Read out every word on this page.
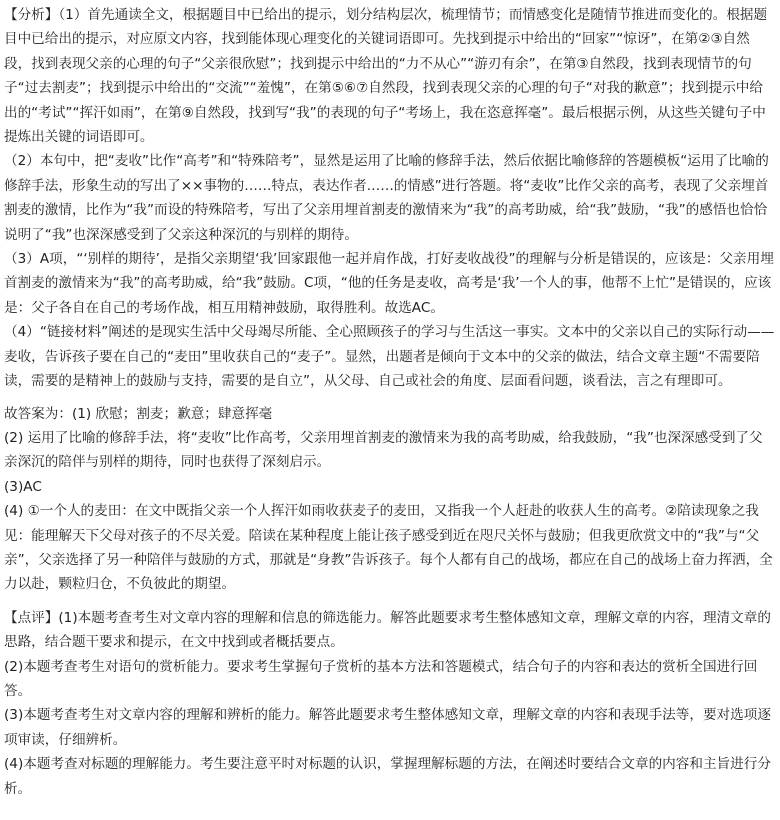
【分析】（1）首先通读全文，根据题目中已给出的提示，划分结构层次，梳理情节；而情感变化是随情节推进而变化的。根据题目中已给出的提示，对应原文内容，找到能体现心理变化的关键词语即可。先找到提示中给出的“回家”“惊讶”，在第②③自然段，找到表现父亲的心理的句子“父亲很欣慰”；找到提示中给出的“力不从心”“游刃有余”，在第③自然段，找到表现情节的句子“过去割麦”；找到提示中给出的“交流”“羞愧”，在第⑤⑥⑦自然段，找到表现父亲的心理的句子“对我的歉意”；找到提示中给出的“考试”“挥汗如雨”，在第⑨自然段，找到写“我”的表现的句子“考场上，我在恣意挥毫”。最后根据示例，从这些关键句子中提炼出关键的词语即可。

（2）本句中，把“麦收”比作“高考”和“特殊陪考”，显然是运用了比喻的修辞手法，然后依据比喻修辞的答题模板“运用了比喻的修辞手法，形象生动的写出了××事物的……特点，表达作者……的情感”进行答题。将“麦收”比作父亲的高考，表现了父亲埋首割麦的激情，比作为“我”而设的特殊陪考，写出了父亲用埋首割麦的激情来为“我”的高考助威，给“我”鼓励，“我”的感悟也恰恰说明了“我”也深深感受到了父亲这种深沉的与别样的期待。

（3）A项，“‘别样的期待’，是指父亲期望‘我’回家跟他一起并肩作战，打好麦收战役”的理解与分析是错误的，应该是：父亲用埋首割麦的激情来为“我”的高考助威，给“我”鼓励。C项，“他的任务是麦收，高考是‘我’一个人的事，他帮不上忙”是错误的，应该是：父子各自在自己的考场作战，相互用精神鼓励，取得胜利。故选AC。

（4）“链接材料”阐述的是现实生活中父母竭尽所能、全心照顾孩子的学习与生活这一事实。文本中的父亲以自己的实际行动——麦收，告诉孩子要在自己的“麦田”里收获自己的“麦子”。显然，出题者是倾向于文本中的父亲的做法，结合文章主题“不需要陪读，需要的是精神上的鼓励与支持，需要的是自立”，从父母、自己或社会的角度、层面看问题，谈看法，言之有理即可。

故答案为：(1) 欣慰；割麦；歉意；肆意挥毫

(2) 运用了比喻的修辞手法，将“麦收”比作高考，父亲用埋首割麦的激情来为我的高考助威，给我鼓励，“我”也深深感受到了父亲深沉的陪伴与别样的期待，同时也获得了深刻启示。

(3)AC

(4) ①一个人的麦田：在文中既指父亲一个人挥汗如雨收获麦子的麦田，又指我一个人赶赴的收获人生的高考。②陪读现象之我见：能理解天下父母对孩子的不尽关爱。陪读在某种程度上能让孩子感受到近在咫尺关怀与鼓励；但我更欣赏文中的“我”与“父亲”，父亲选择了另一种陪伴与鼓励的方式，那就是“身教”告诉孩子。每个人都有自己的战场，都应在自己的战场上奋力挥洒，全力以赴，颗粒归仓，不负彼此的期望。

【点评】(1)本题考查考生对文章内容的理解和信息的筛选能力。解答此题要求考生整体感知文章，理解文章的内容，理清文章的思路，结合题干要求和提示，在文中找到或者概括要点。

(2)本题考查考生对语句的赏析能力。要求考生掌握句子赏析的基本方法和答题模式，结合句子的内容和表达的赏析全国进行回答。

(3)本题考查考生对文章内容的理解和辨析的能力。解答此题要求考生整体感知文章，理解文章的内容和表现手法等，要对选项逐项审读，仔细辨析。

(4)本题考查对标题的理解能力。考生要注意平时对标题的认识，掌握理解标题的方法，在阐述时要结合文章的内容和主旨进行分析。
